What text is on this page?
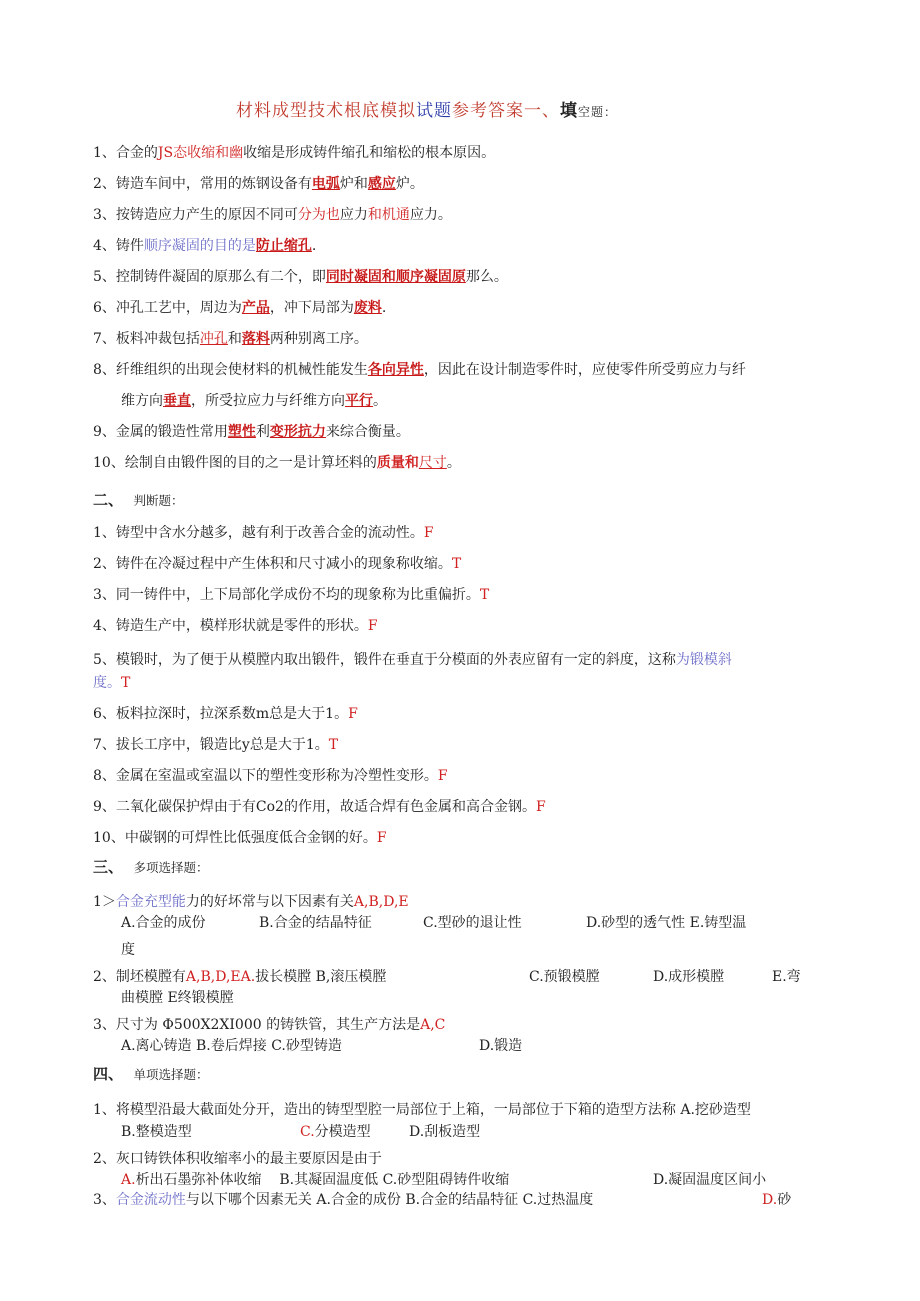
材料成型技术根底模拟试题参考答案一、填空题：
1、合金的JS态收缩和幽收缩是形成铸件缩孔和缩松的根本原因。
2、铸造车间中，常用的炼钢设备有电弧炉和感应炉。
3、按铸造应力产生的原因不同可分为也应力和机通应力。
4、铸件顺序凝固的目的是防止缩孔.
5、控制铸件凝固的原那么有二个，即同时凝固和顺序凝固原那么。
6、冲孔工艺中，周边为产品，冲下局部为废料.
7、板料冲裁包括冲孔和落料两种别离工序。
8、纤维组织的出现会使材料的机械性能发生各向异性，因此在设计制造零件时，应使零件所受剪应力与纤
维方向垂直，所受拉应力与纤维方向平行。
9、金属的锻造性常用塑性利变形抗力来综合衡量。
10、绘制自由锻件图的目的之一是计算坯料的质量和尺寸。
二、 判断题：
1、铸型中含水分越多，越有利于改善合金的流动性。F
2、铸件在冷凝过程中产生体积和尺寸减小的现象称收缩。T
3、同一铸件中，上下局部化学成份不均的现象称为比重偏折。T
4、铸造生产中，模样形状就是零件的形状。F
5、模锻时，为了便于从模膛内取出锻件，锻件在垂直于分模面的外表应留有一定的斜度，这称为锻模斜
度。T
6、板料拉深时，拉深系数m总是大于1。F
7、拔长工序中，锻造比y总是大于1。T
8、金属在室温或室温以下的塑性变形称为冷塑性变形。F
9、二氧化碳保护焊由于有Co2的作用，故适合焊有色金属和高合金钢。F
10、中碳钢的可焊性比低强度低合金钢的好。F
三、 多项选择题：
1＞合金充型能力的好坏常与以下因素有关A,B,D,E
A.合金的成份	B.合金的结晶特征	C.型砂的退让性	D.砂型的透气性 E.铸型温
度
2、制坯模膛有A,B,D,EA.拔长模膛 B,滚压模膛	C.预锻模膛	D.成形模膛	E.弯
曲模膛 E终锻模膛
3、尺寸为 Φ500X2XI000 的铸铁管，其生产方法是A,C
A.离心铸造 B.卷后焊接 C.砂型铸造	D.锻造
四、 单项选择题：
1、将模型沿最大截面处分开，造出的铸型型腔一局部位于上箱，一局部位于下箱的造型方法称 A.挖砂造型
B.整模造型	C.分模造型	D.刮板造型
2、灰口铸铁体积收缩率小的最主要原因是由于
A.析出石墨弥补体收缩 B.其凝固温度低 C.砂型阻碍铸件收缩	D.凝固温度区间小
3、合金流动性与以下哪个因素无关 A.合金的成份 B.合金的结晶特征 C.过热温度	D.砂
